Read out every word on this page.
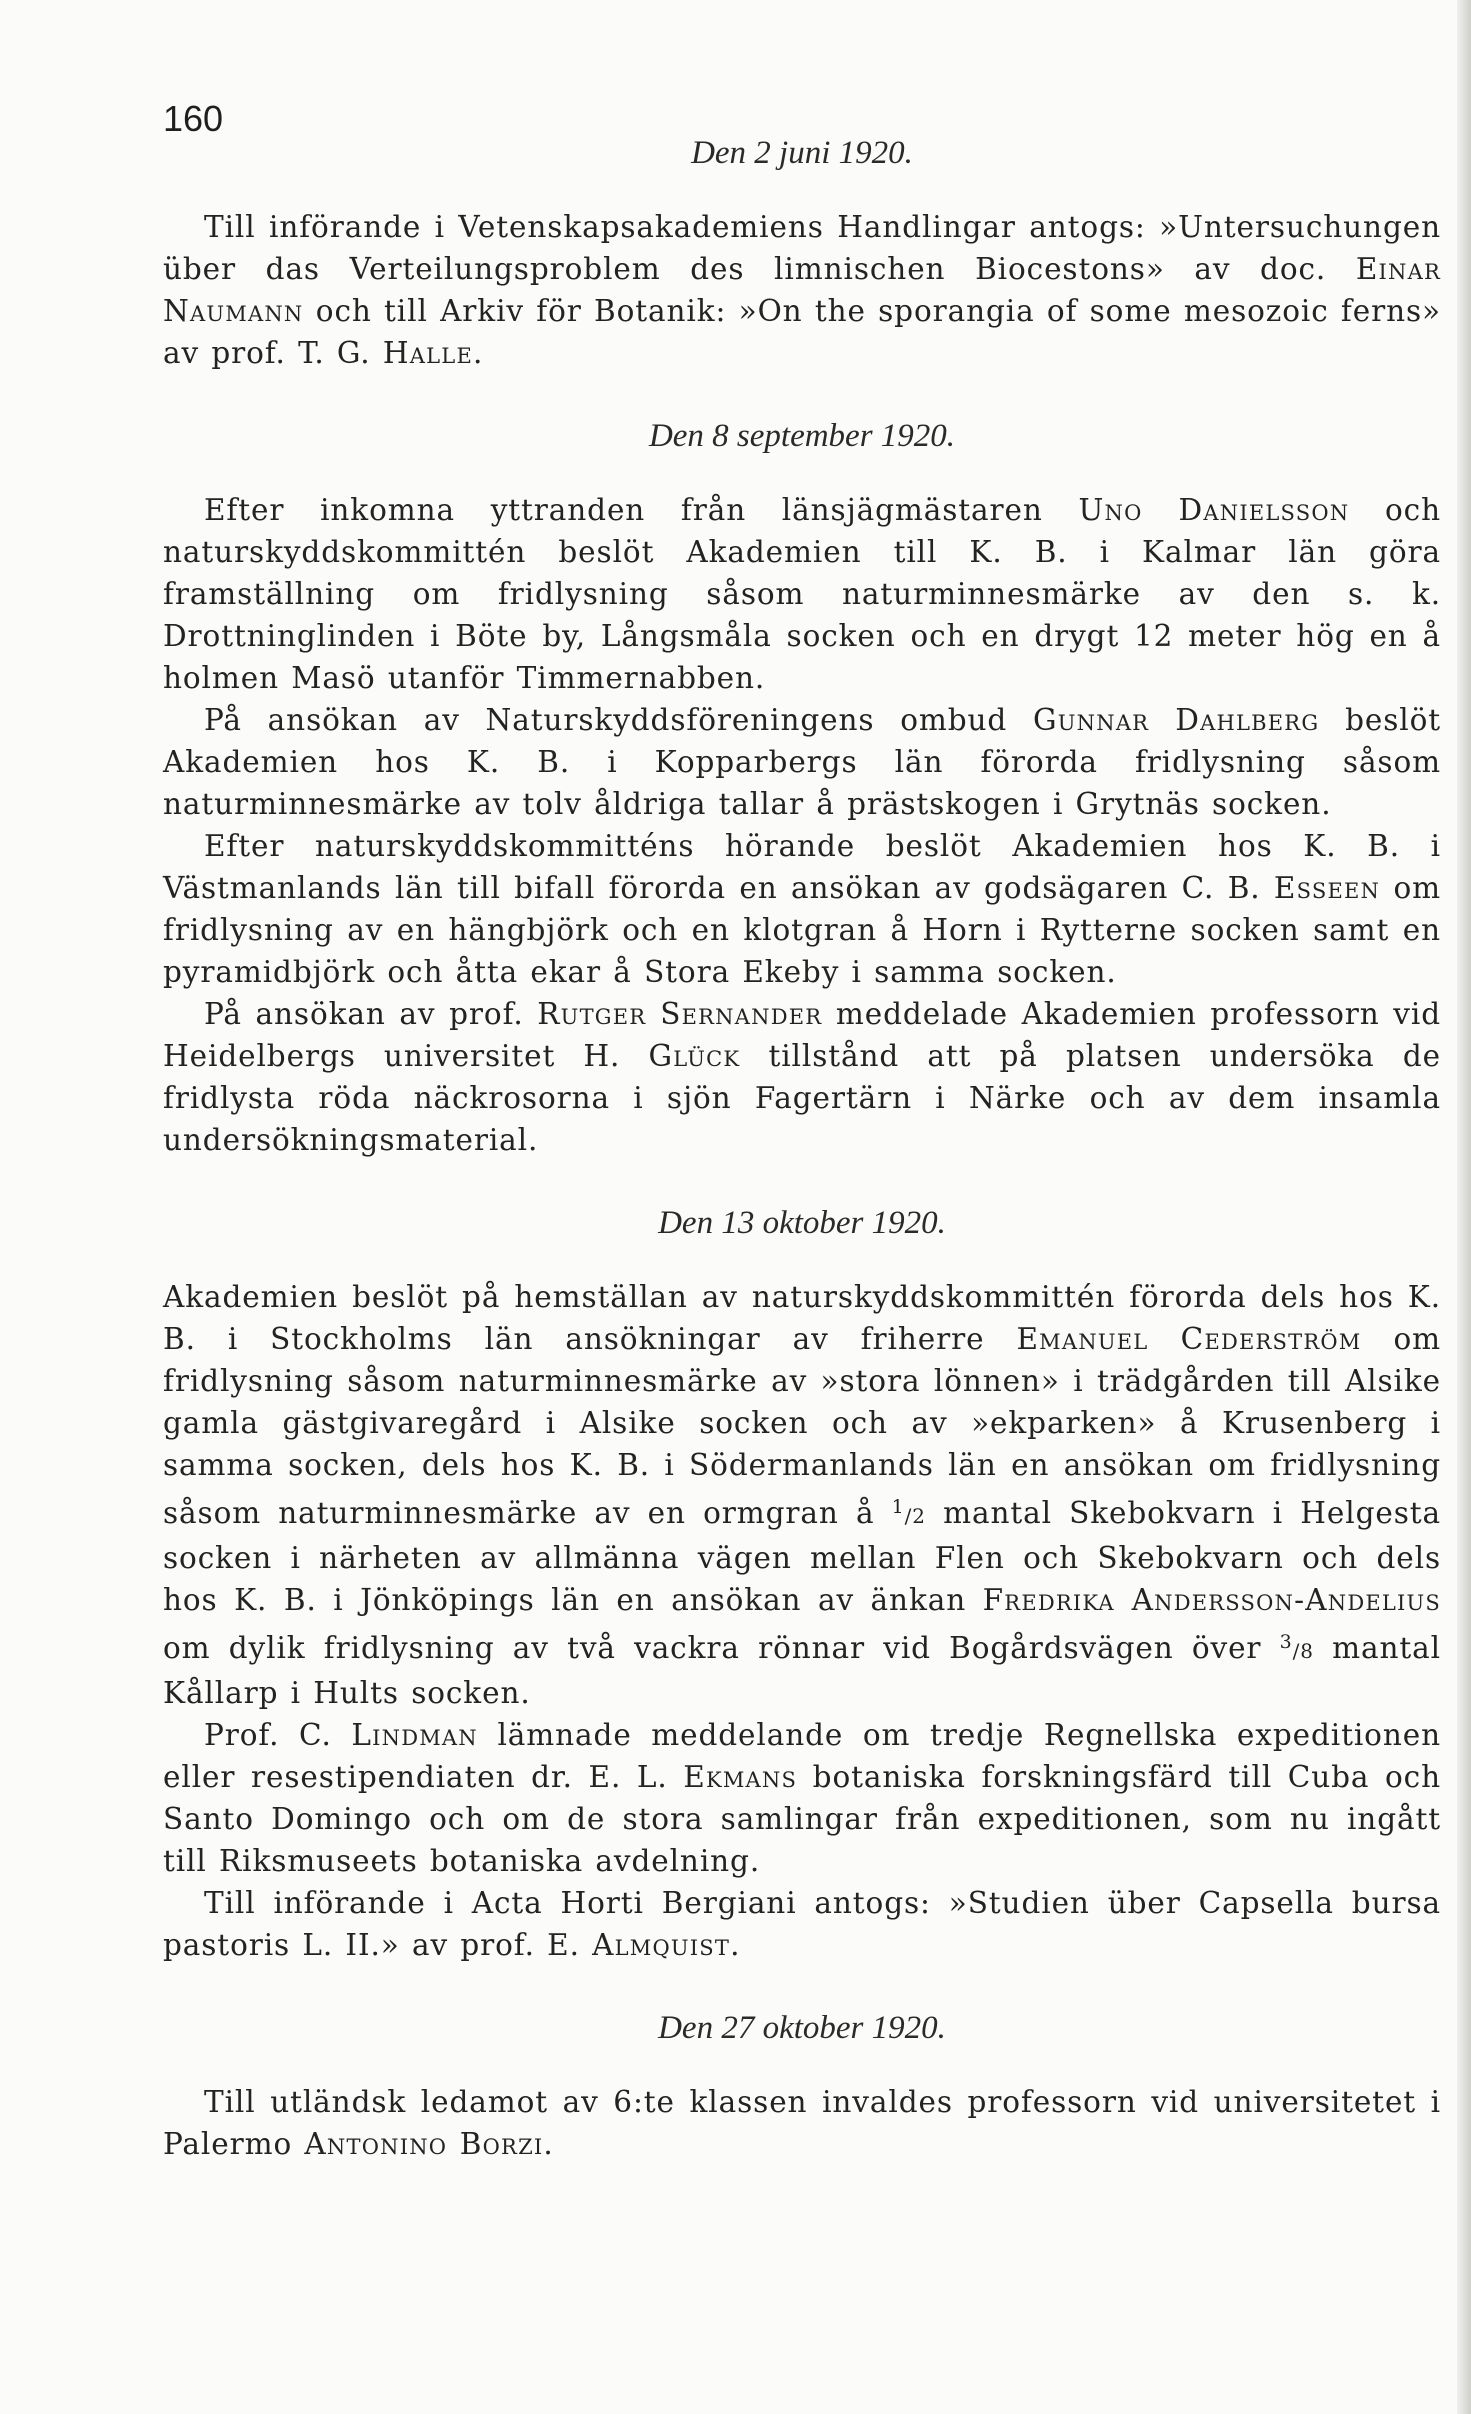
160

Den 2 juni 1920.

Till införande i Vetenskapsakademiens Handlingar antogs: »Untersuchungen über das Verteilungsproblem des limnischen Biocestons» av doc. Einar Naumann och till Arkiv för Botanik: »On the sporangia of some mesozoic ferns» av prof. T. G. Halle.

Den 8 september 1920.

Efter inkomna yttranden från länsjägmästaren Uno Danielsson och naturskyddskommittén beslöt Akademien till K. B. i Kalmar län göra framställning om fridlysning såsom naturminnesmärke av den s. k. Drottninglinden i Böte by, Långsmåla socken och en drygt 12 meter hög en å holmen Masö utanför Timmernabben.

På ansökan av Naturskyddsföreningens ombud Gunnar Dahlberg beslöt Akademien hos K. B. i Kopparbergs län förorda fridlysning såsom naturminnesmärke av tolv åldriga tallar å prästskogen i Grytnäs socken.

Efter naturskyddskommitténs hörande beslöt Akademien hos K. B. i Västmanlands län till bifall förorda en ansökan av godsägaren C. B. Esseen om fridlysning av en hängbjörk och en klotgran å Horn i Rytterne socken samt en pyramidbjörk och åtta ekar å Stora Ekeby i samma socken.

På ansökan av prof. Rutger Sernander meddelade Akademien professorn vid Heidelbergs universitet H. Glück tillstånd att på platsen undersöka de fridlysta röda näckrosorna i sjön Fagertärn i Närke och av dem insamla undersökningsmaterial.

Den 13 oktober 1920.

Akademien beslöt på hemställan av naturskyddskommittén förorda dels hos K. B. i Stockholms län ansökningar av friherre Emanuel Cederström om fridlysning såsom naturminnesmärke av »stora lönnen» i trädgården till Alsike gamla gästgivaregård i Alsike socken och av »ekparken» å Krusenberg i samma socken, dels hos K. B. i Södermanlands län en ansökan om fridlysning såsom naturminnesmärke av en ormgran å $^1$/2 mantal Skebokvarn i Helgesta socken i närheten av allmänna vägen mellan Flen och Skebokvarn och dels hos K. B. i Jönköpings län en ansökan av änkan Fredrika Andersson-Andelius om dylik fridlysning av två vackra rönnar vid Bogårdsvägen över $^3$/8 mantal Kållarp i Hults socken.

Prof. C. Lindman lämnade meddelande om tredje Regnellska expeditionen eller resestipendiaten dr. E. L. Ekmans botaniska forskningsfärd till Cuba och Santo Domingo och om de stora samlingar från expeditionen, som nu ingått till Riksmuseets botaniska avdelning.

Till införande i Acta Horti Bergiani antogs: »Studien über Capsella bursa pastoris L. II.» av prof. E. Almquist.

Den 27 oktober 1920.

Till utländsk ledamot av 6:te klassen invaldes professorn vid universitetet i Palermo Antonino Borzi.
